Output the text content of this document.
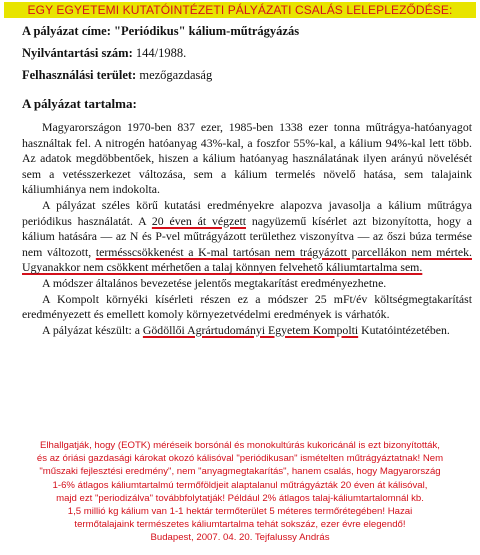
EGY EGYETEMI KUTATÓINTÉZETI PÁLYÁZATI CSALÁS LELEPLEZŐDÉSE:
A pályázat címe: "Periódikus" kálium-műtrágyázás
Nyilvántartási szám: 144/1988.
Felhasználási terület: mezőgazdaság
A pályázat tartalma:

Magyarországon 1970-ben 837 ezer, 1985-ben 1338 ezer tonna műtrágya-hatóanyagot használtak fel. A nitrogén hatóanyag 43%-kal, a foszfor 55%-kal, a kálium 94%-kal lett több. Az adatok megdöbbentőek, hiszen a kálium hatóanyag használatának ilyen arányú növelését sem a vetésszerkezet változása, sem a kálium termelés növelő hatása, sem talajaink káliumhiánya nem indokolta.

A pályázat széles körű kutatási eredményekre alapozva javasolja a kálium műtrágya periódikus használatát. A 20 éven át végzett nagyüzemű kísérlet azt bizonyította, hogy a kálium hatására — az N és P-vel műtrágyázott területhez viszonyítva — az őszi búza termése nem változott, termésscsökkenést a K-mal tartósan nem trágyázott parcellákon nem mértek. Ugyanakkor nem csökkent mérhetően a talaj könnyen felvehető káliumtartalma sem.

A módszer általános bevezetése jelentős megtakarítást eredményezhetne.

A Kompolt környéki kísérleti részen ez a módszer 25 mFt/év költségmegtakarítást eredményezett és emellett komoly környezetvédelmi eredmények is várhatók.

A pályázat készült: a Gödöllői Agrártudományi Egyetem Kompolti Kutatóintézetében.

Elhallgatják, hogy (EOTK) méréseik borsónál és monokultúrás kukoricánál is ezt bizonyították,
és az óriási gazdasági károkat okozó kálisóval "periódikusan" ismételten műtrágyáztatnak! Nem
"műszaki fejlesztési eredmény", nem "anyagmegtakarítás", hanem csalás, hogy Magyarország
1-6% átlagos káliumtartalmú termőföldjeit alaptalanul műtrágyázták 20 éven át kálisóval,
majd ezt "periodizálva" továbbfolytatják! Például 2% átlagos talaj-káliumtartalomnál kb.
1,5 millió kg kálium van 1-1 hektár termőterület 5 méteres termőrétegében! Hazai
termőtalajaink természetes káliumtartalma tehát sokszáz, ezer évre elegendő!
Budapest, 2007. 04. 20. Tejfalussy András
